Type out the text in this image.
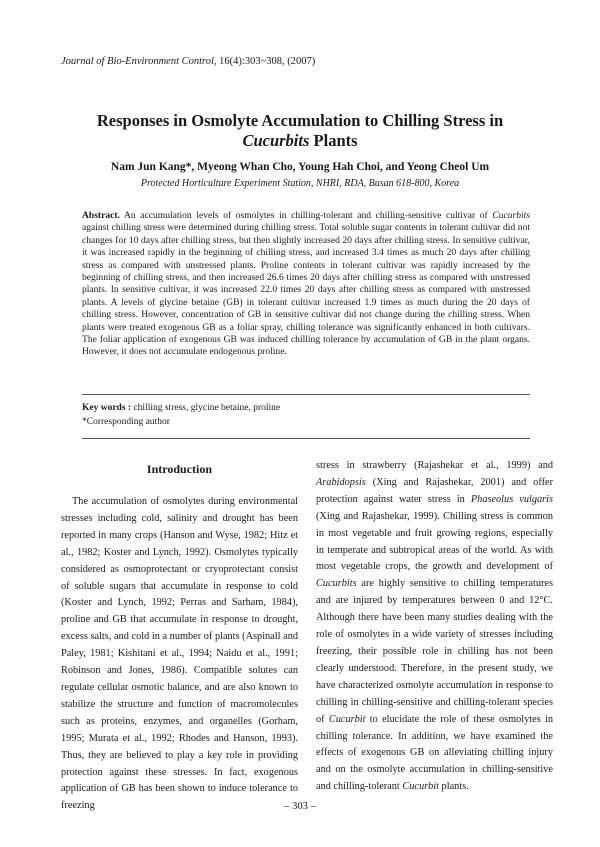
Journal of Bio-Environment Control, 16(4):303~308, (2007)
Responses in Osmolyte Accumulation to Chilling Stress in
Cucurbits Plants
Nam Jun Kang*, Myeong Whan Cho, Young Hah Choi, and Yeong Cheol Um
Protected Horticulture Experiment Station, NHRI, RDA, Busan 618-800, Korea
Abstract. An accumulation levels of osmolytes in chilling-tolerant and chilling-sensitive cultivar of Cucurbits against chilling stress were determined during chilling stress. Total soluble sugar contents in tolerant cultivar did not changes for 10 days after chilling stress, but then slightly increased 20 days after chilling stress. In sensitive cultivar, it was increased rapidly in the beginning of chilling stress, and increased 3.4 times as much 20 days after chilling stress as compared with unstressed plants. Proline contents in tolerant cultivar was rapidly increased by the beginning of chilling stress, and then increased 26.6 times 20 days after chilling stress as compared with unstressed plants. In sensitive cultivar, it was increased 22.0 times 20 days after chilling stress as compared with unstressed plants. A levels of glycine betaine (GB) in tolerant cultivar increased 1.9 times as much during the 20 days of chilling stress. However, concentration of GB in sensitive cultivar did not change during the chilling stress. When plants were treated exogenous GB as a foliar spray, chilling tolerance was significantly enhanced in both cultivars. The foliar application of exogenous GB was induced chilling tolerance by accumulation of GB in the plant organs. However, it does not accumulate endogenous proline.
Key words : chilling stress, glycine betaine, proline
*Corresponding author
Introduction

The accumulation of osmolytes during environmental stresses including cold, salinity and drought has been reported in many crops (Hanson and Wyse, 1982; Hitz et al., 1982; Koster and Lynch, 1992). Osmolytes typically considered as osmoprotectant or cryoprotectant consist of soluble sugars that accumulate in response to cold (Koster and Lynch, 1992; Perras and Sarham, 1984), proline and GB that accumulate in response to drought, excess salts, and cold in a number of plants (Aspinall and Paley, 1981; Kishitani et al., 1994; Naidu et al., 1991; Robinson and Jones, 1986). Compatible solutes can regulate cellular osmotic balance, and are also known to stabilize the structure and function of macromolecules such as proteins, enzymes, and organelles (Gorham, 1995; Murata et al., 1992; Rhodes and Hanson, 1993). Thus, they are believed to play a key role in providing protection against these stresses. In fact, exogenous application of GB has been shown to induce tolerance to freezing

stress in strawberry (Rajashekar et al., 1999) and Arabidopsis (Xing and Rajashekar, 2001) and offer protection against water stress in Phaseolus vulgaris (Xing and Rajashekar, 1999). Chilling stress is common in most vegetable and fruit growing regions, especially in temperate and subtropical areas of the world. As with most vegetable crops, the growth and development of Cucurbits are highly sensitive to chilling temperatures and are injured by temperatures between 0 and 12°C. Although there have been many studies dealing with the role of osmolytes in a wide variety of stresses including freezing, their possible role in chilling has not been clearly understood. Therefore, in the present study, we have characterized osmolyte accumulation in response to chilling in chilling-sensitive and chilling-tolerant species of Cucurbit to elucidate the role of these osmolytes in chilling tolerance. In addition, we have examined the effects of exogenous GB on alleviating chilling injury and on the osmolyte accumulation in chilling-sensitive and chilling-tolerant Cucurbit plants.

– 303 –
